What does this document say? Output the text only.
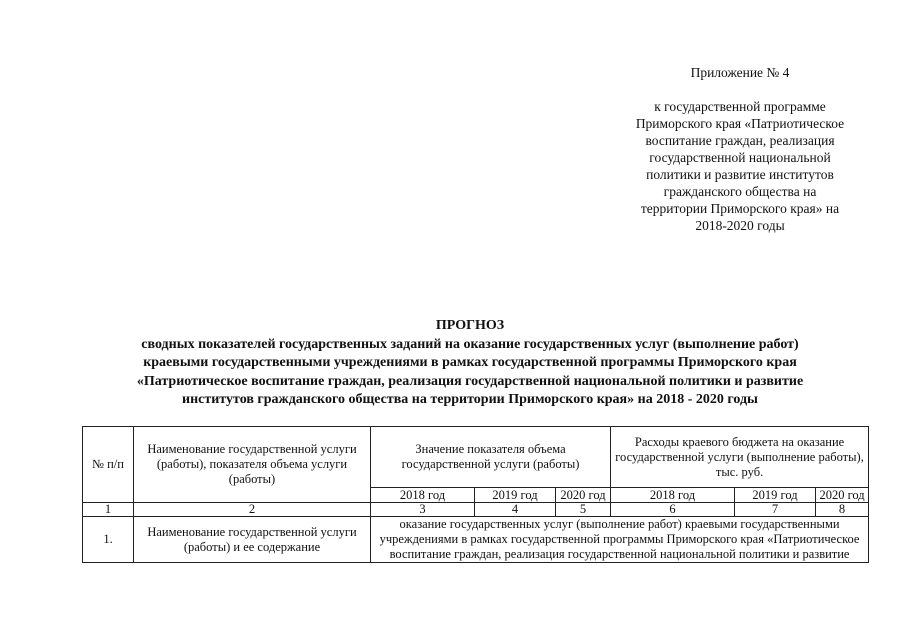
Приложение № 4
к государственной программе
Приморского края «Патриотическое
воспитание граждан, реализация
государственной национальной
политики и развитие институтов
гражданского общества на
территории Приморского края» на
2018-2020 годы
ПРОГНОЗ
сводных показателей государственных заданий на оказание государственных услуг (выполнение работ)
краевыми государственными учреждениями в рамках государственной программы Приморского края
«Патриотическое воспитание граждан, реализация государственной национальной политики и развитие
институтов гражданского общества на территории Приморского края» на 2018 - 2020 годы
№ п/п	Наименование государственной услуги (работы), показателя объема услуги (работы)	Значение показателя объема государственной услуги (работы)			Расходы краевого бюджета на оказание государственной услуги (выполнение работы), тыс. руб.		
		2018 год	2019 год	2020 год	2018 год	2019 год	2020 год
1	2	3	4	5	6	7	8
1.	Наименование государственной услуги (работы) и ее содержание	оказание государственных услуг (выполнение работ) краевыми государственными
учреждениями в рамках государственной программы Приморского края «Патриотическое
воспитание граждан, реализация государственной национальной политики и развитие					
